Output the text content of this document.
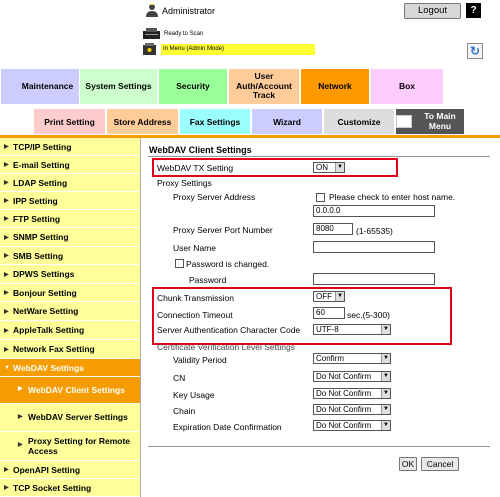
Administrator	Logout	?
Ready to Scan
In Menu (Admin Mode)	↻
Maintenance System Settings	Security
User Auth/Account Track
Network	Box
Print Setting Store Address Fax Settings	Wizard	Customize
To Main Menu
▶ TCP/IP Setting
▶ E-mail Setting
▶ LDAP Setting
▶ IPP Setting
▶ FTP Setting
▶ SNMP Setting
▶ SMB Setting
▶ DPWS Settings
▶ Bonjour Setting
▶ NetWare Setting
▶ AppleTalk Setting
▶ Network Fax Setting
▼ WebDAV Settings
▶ WebDAV Client Settings
▶ WebDAV Server Settings
▶ Proxy Setting for Remote Access
▶ OpenAPI Setting
▶ TCP Socket Setting
WebDAV Client Settings
WebDAV TX Setting	ON	▼
Proxy Settings
Proxy Server Address	Please check to enter host name.
0.0.0.0
Proxy Server Port Number	8080	(1-65535)
User Name
Password is changed.
Password
Chunk Transmission	OFF ▼
Connection Timeout	60	sec.(5-300)
Server Authentication Character Code	UTF-8	▼
Certificate Verification Level Settings
Validity Period	Confirm	▼
CN	Do Not Confirm	▼
Key Usage	Do Not Confirm	▼
Chain	Do Not Confirm	▼
Expiration Date Confirmation	Do Not Confirm	▼
OK	Cancel
